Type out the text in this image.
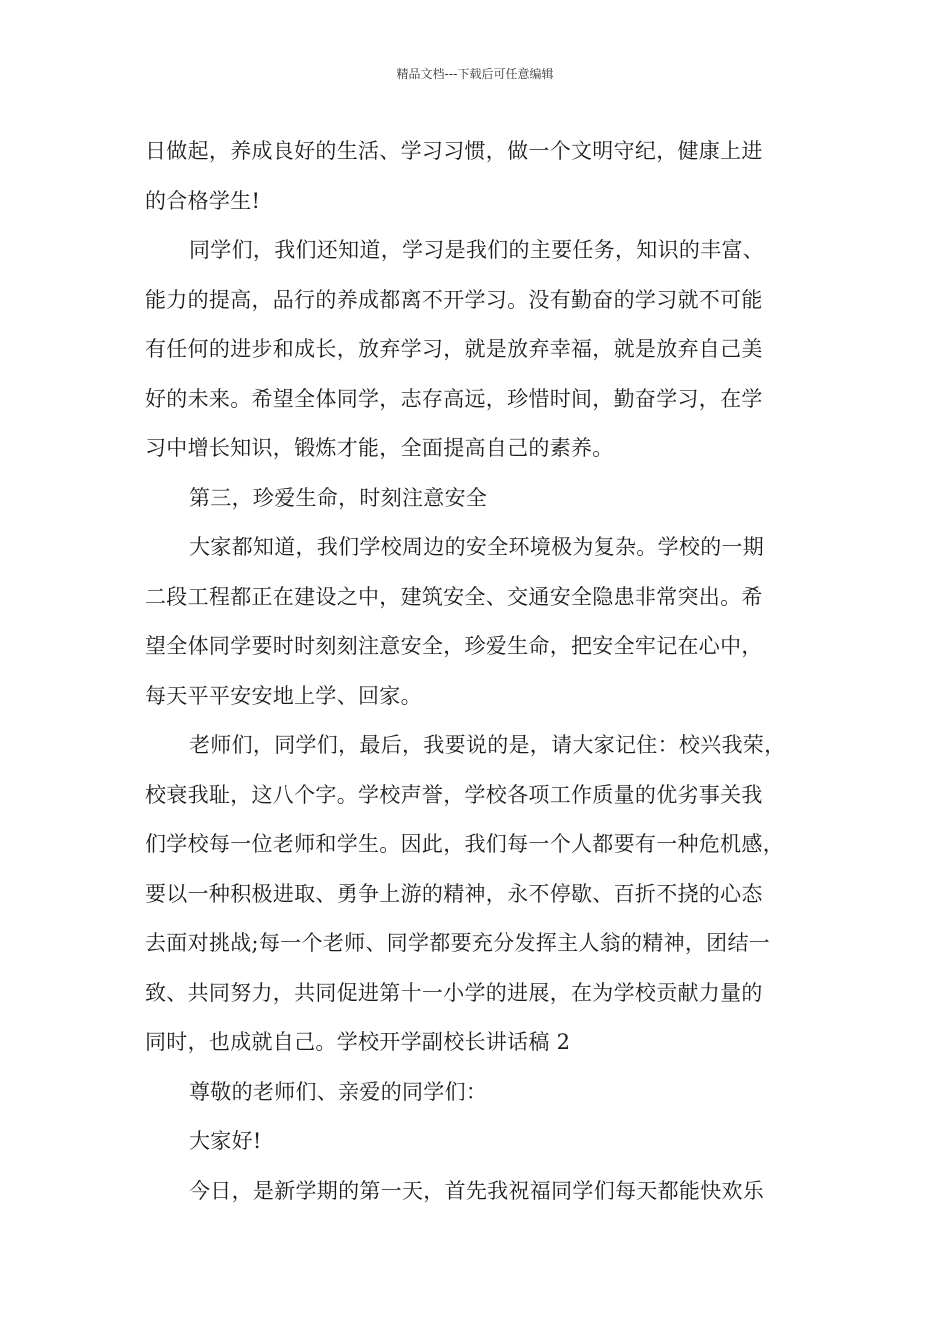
精品文档---下载后可任意编辑
日做起，养成良好的生活、学习习惯，做一个文明守纪，健康上进
的合格学生!
同学们，我们还知道，学习是我们的主要任务，知识的丰富、
能力的提高，品行的养成都离不开学习。没有勤奋的学习就不可能
有任何的进步和成长，放弃学习，就是放弃幸福，就是放弃自己美
好的未来。希望全体同学，志存高远，珍惜时间，勤奋学习，在学
习中增长知识，锻炼才能，全面提高自己的素养。
第三，珍爱生命，时刻注意安全
大家都知道，我们学校周边的安全环境极为复杂。学校的一期
二段工程都正在建设之中，建筑安全、交通安全隐患非常突出。希
望全体同学要时时刻刻注意安全，珍爱生命，把安全牢记在心中，
每天平平安安地上学、回家。
老师们，同学们，最后，我要说的是，请大家记住：校兴我荣，
校衰我耻，这八个字。学校声誉，学校各项工作质量的优劣事关我
们学校每一位老师和学生。因此，我们每一个人都要有一种危机感，
要以一种积极进取、勇争上游的精神，永不停歇、百折不挠的心态
去面对挑战;每一个老师、同学都要充分发挥主人翁的精神，团结一
致、共同努力，共同促进第十一小学的进展，在为学校贡献力量的
同时，也成就自己。学校开学副校长讲话稿 2
尊敬的老师们、亲爱的同学们：
大家好!
今日，是新学期的第一天，首先我祝福同学们每天都能快欢乐
